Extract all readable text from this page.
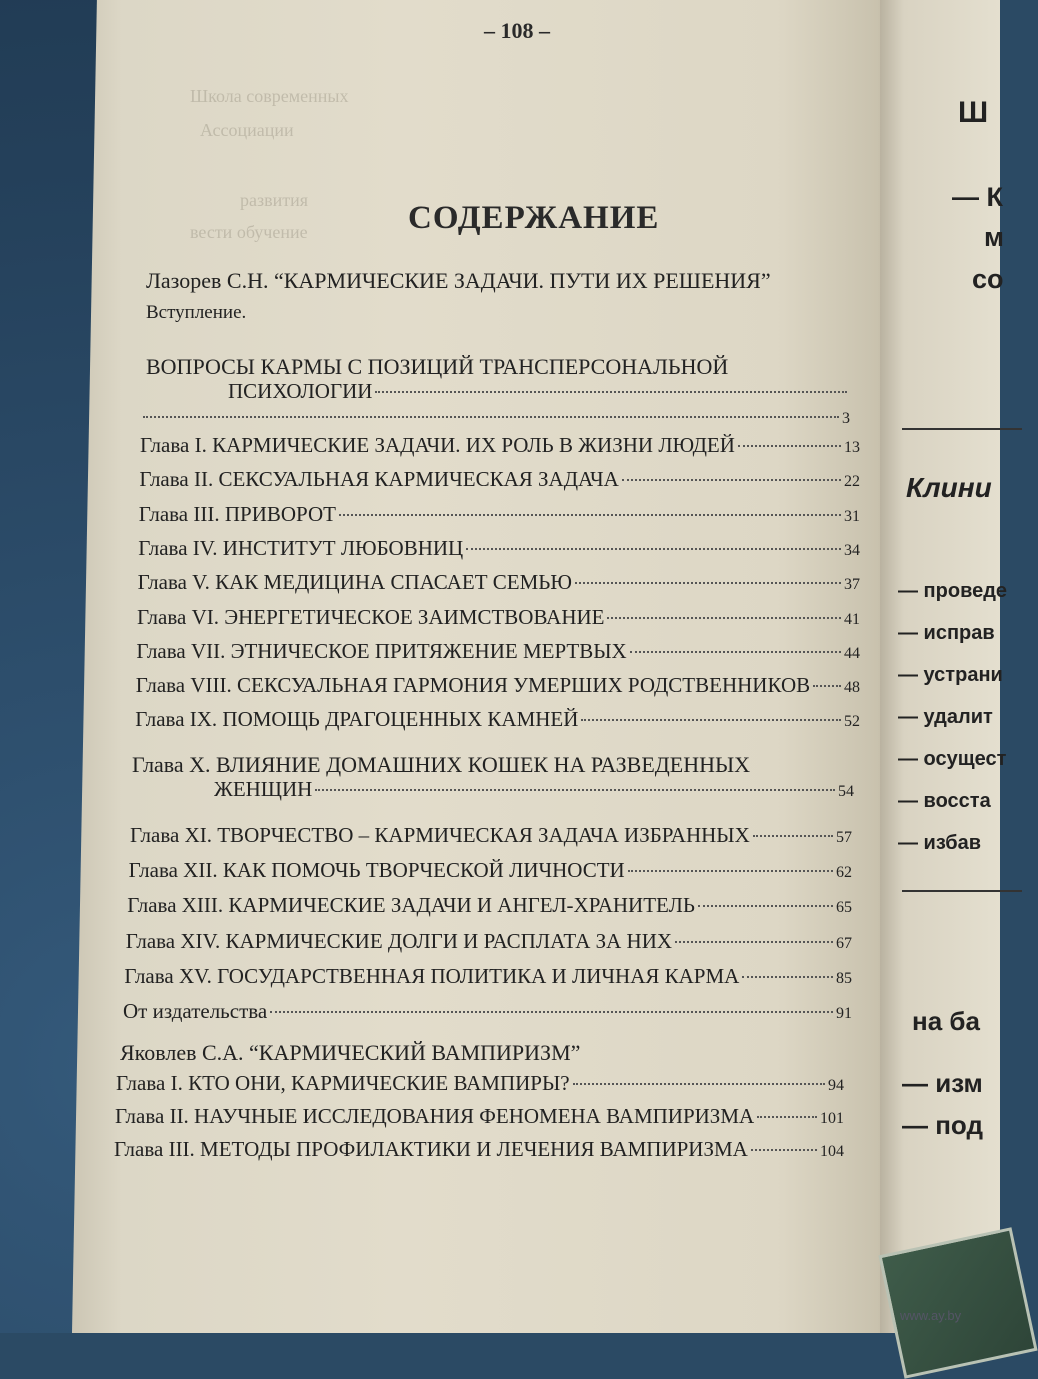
Школа современных
Ассоциации
развития
вести обучение
– 108 –
СОДЕРЖАНИЕ
Лазорев С.Н. “КАРМИЧЕСКИЕ ЗАДАЧИ. ПУТИ ИХ РЕШЕНИЯ”
Вступление.
ВОПРОСЫ КАРМЫ С ПОЗИЦИЙ ТРАНСПЕРСОНАЛЬНОЙ
ПСИХОЛОГИИ
3
Глава I. КАРМИЧЕСКИЕ ЗАДАЧИ. ИХ РОЛЬ В ЖИЗНИ ЛЮДЕЙ	13
Глава II. СЕКСУАЛЬНАЯ КАРМИЧЕСКАЯ ЗАДАЧА	22
Глава III. ПРИВОРОТ	31
Глава IV. ИНСТИТУТ ЛЮБОВНИЦ	34
Глава V. КАК МЕДИЦИНА СПАСАЕТ СЕМЬЮ	37
Глава VI. ЭНЕРГЕТИЧЕСКОЕ ЗАИМСТВОВАНИЕ	41
Глава VII. ЭТНИЧЕСКОЕ ПРИТЯЖЕНИЕ МЕРТВЫХ	44
Глава VIII. СЕКСУАЛЬНАЯ ГАРМОНИЯ УМЕРШИХ РОДСТВЕННИКОВ 48
Глава IX. ПОМОЩЬ ДРАГОЦЕННЫХ КАМНЕЙ	52
Глава X. ВЛИЯНИЕ ДОМАШНИХ КОШЕК НА РАЗВЕДЕННЫХ
ЖЕНЩИН	54
Глава XI. ТВОРЧЕСТВО – КАРМИЧЕСКАЯ ЗАДАЧА ИЗБРАННЫХ	57
Глава XII. КАК ПОМОЧЬ ТВОРЧЕСКОЙ ЛИЧНОСТИ	62
Глава XIII. КАРМИЧЕСКИЕ ЗАДАЧИ И АНГЕЛ-ХРАНИТЕЛЬ	65
Глава XIV. КАРМИЧЕСКИЕ ДОЛГИ И РАСПЛАТА ЗА НИХ	67
Глава XV. ГОСУДАРСТВЕННАЯ ПОЛИТИКА И ЛИЧНАЯ КАРМА	85
От издательства	91
Яковлев С.А. “КАРМИЧЕСКИЙ ВАМПИРИЗМ”
Глава I. КТО ОНИ, КАРМИЧЕСКИЕ ВАМПИРЫ?	94
Глава II. НАУЧНЫЕ ИССЛЕДОВАНИЯ ФЕНОМЕНА ВАМПИРИЗМА	101
Глава III. МЕТОДЫ ПРОФИЛАКТИКИ И ЛЕЧЕНИЯ ВАМПИРИЗМА	104
Ш
— К
м
со
Клини
— проведе
— исправ
— устрани
— удалит
— осущест
— восста
— избав
на ба
— изм
— под
www.ay.by
